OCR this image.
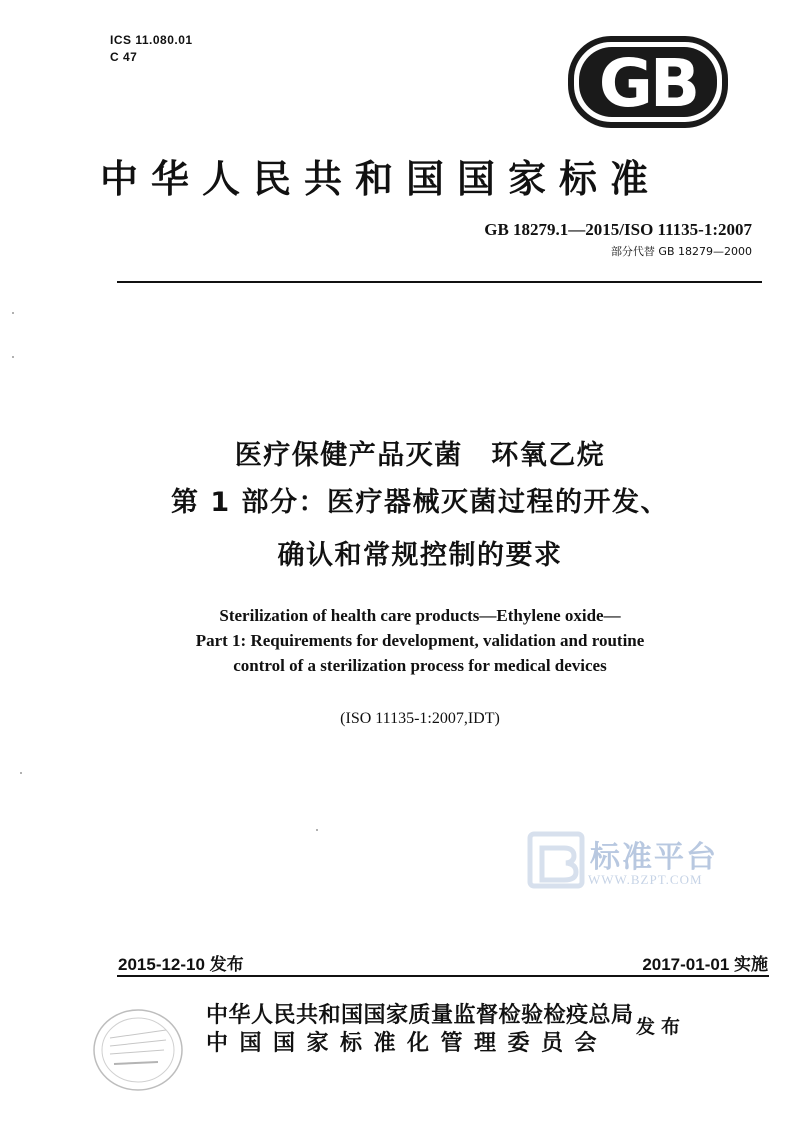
ICS 11.080.01
C 47	GB
中华人民共和国国家标准
GB 18279.1—2015/ISO 11135-1:2007
部分代替 GB 18279—2000
医疗保健产品灭菌　环氧乙烷
第 1 部分：医疗器械灭菌过程的开发、
确认和常规控制的要求
Sterilization of health care products—Ethylene oxide—
Part 1: Requirements for development, validation and routine
control of a sterilization process for medical devices
(ISO 11135-1:2007,IDT)
标准平台
WWW.BZPT.COM
2015-12-10 发布	2017-01-01 实施
中华人民共和国国家质量监督检验检疫总局
中国国家标准化管理委员会
发布
